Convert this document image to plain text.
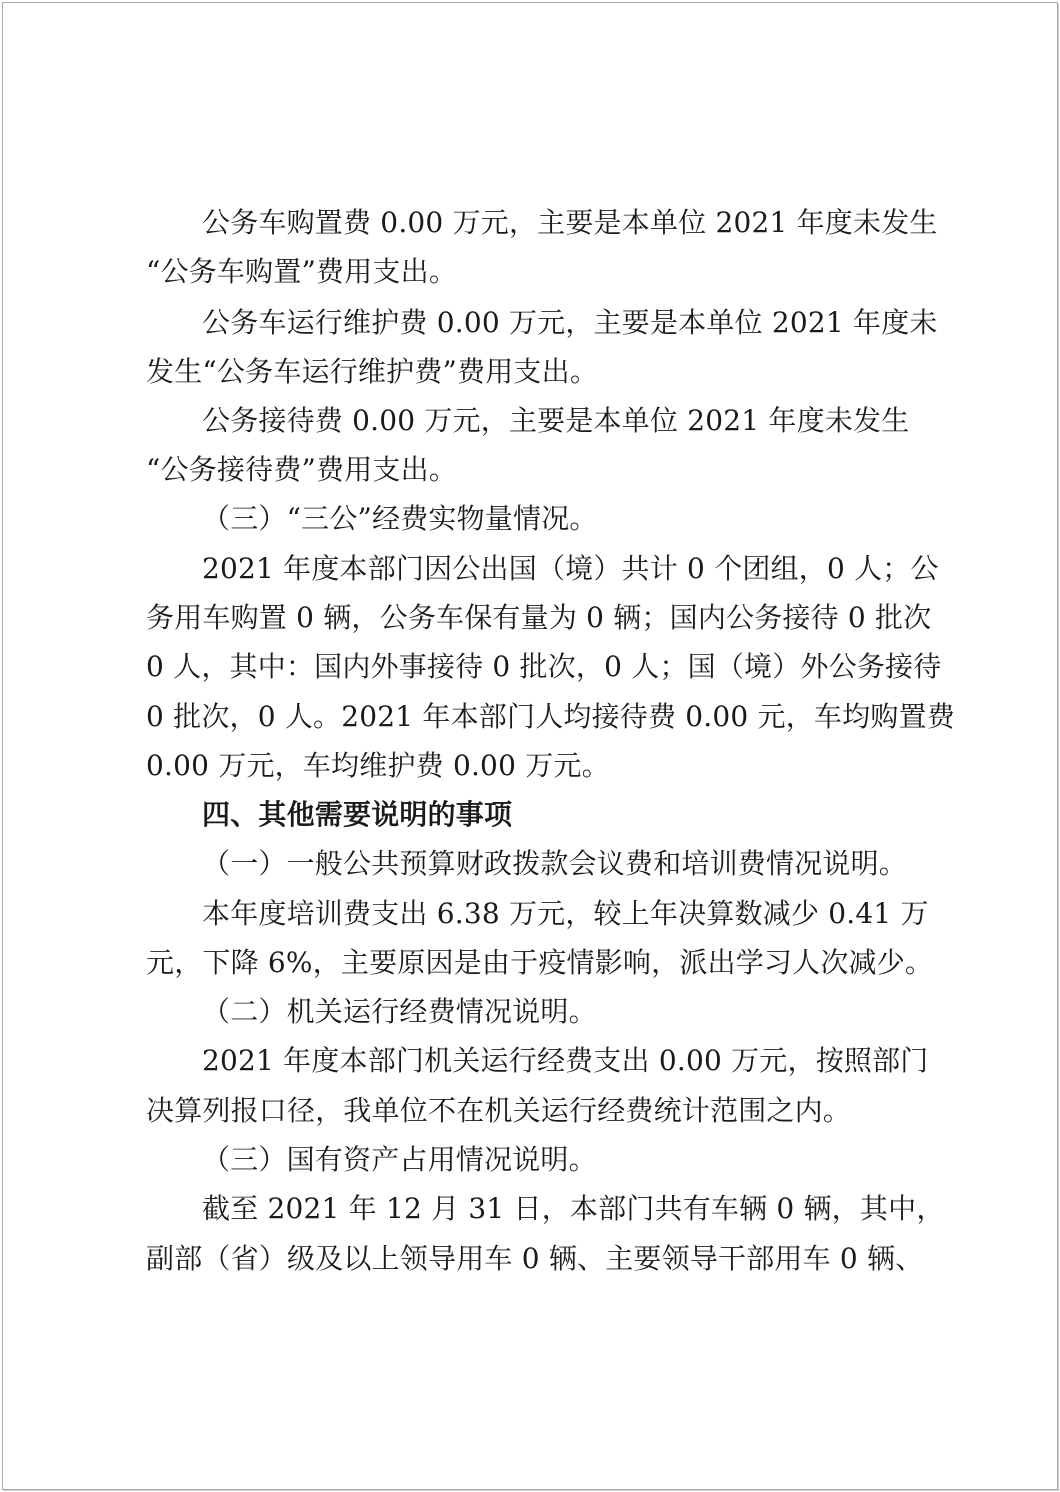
公务车购置费 0.00 万元，主要是本单位 2021 年度未发生
“公务车购置”费用支出。
公务车运行维护费 0.00 万元，主要是本单位 2021 年度未
发生“公务车运行维护费”费用支出。
公务接待费 0.00 万元，主要是本单位 2021 年度未发生
“公务接待费”费用支出。
（三）“三公”经费实物量情况。
2021 年度本部门因公出国（境）共计 0 个团组，0 人；公
务用车购置 0 辆，公务车保有量为 0 辆；国内公务接待 0 批次
0 人，其中：国内外事接待 0 批次，0 人；国（境）外公务接待
0 批次，0 人。2021 年本部门人均接待费 0.00 元，车均购置费
0.00 万元，车均维护费 0.00 万元。
四、其他需要说明的事项
（一）一般公共预算财政拨款会议费和培训费情况说明。
本年度培训费支出 6.38 万元，较上年决算数减少 0.41 万
元，下降 6%，主要原因是由于疫情影响，派出学习人次减少。
（二）机关运行经费情况说明。
2021 年度本部门机关运行经费支出 0.00 万元，按照部门
决算列报口径，我单位不在机关运行经费统计范围之内。
（三）国有资产占用情况说明。
截至 2021 年 12 月 31 日，本部门共有车辆 0 辆，其中，
副部（省）级及以上领导用车 0 辆、主要领导干部用车 0 辆、
